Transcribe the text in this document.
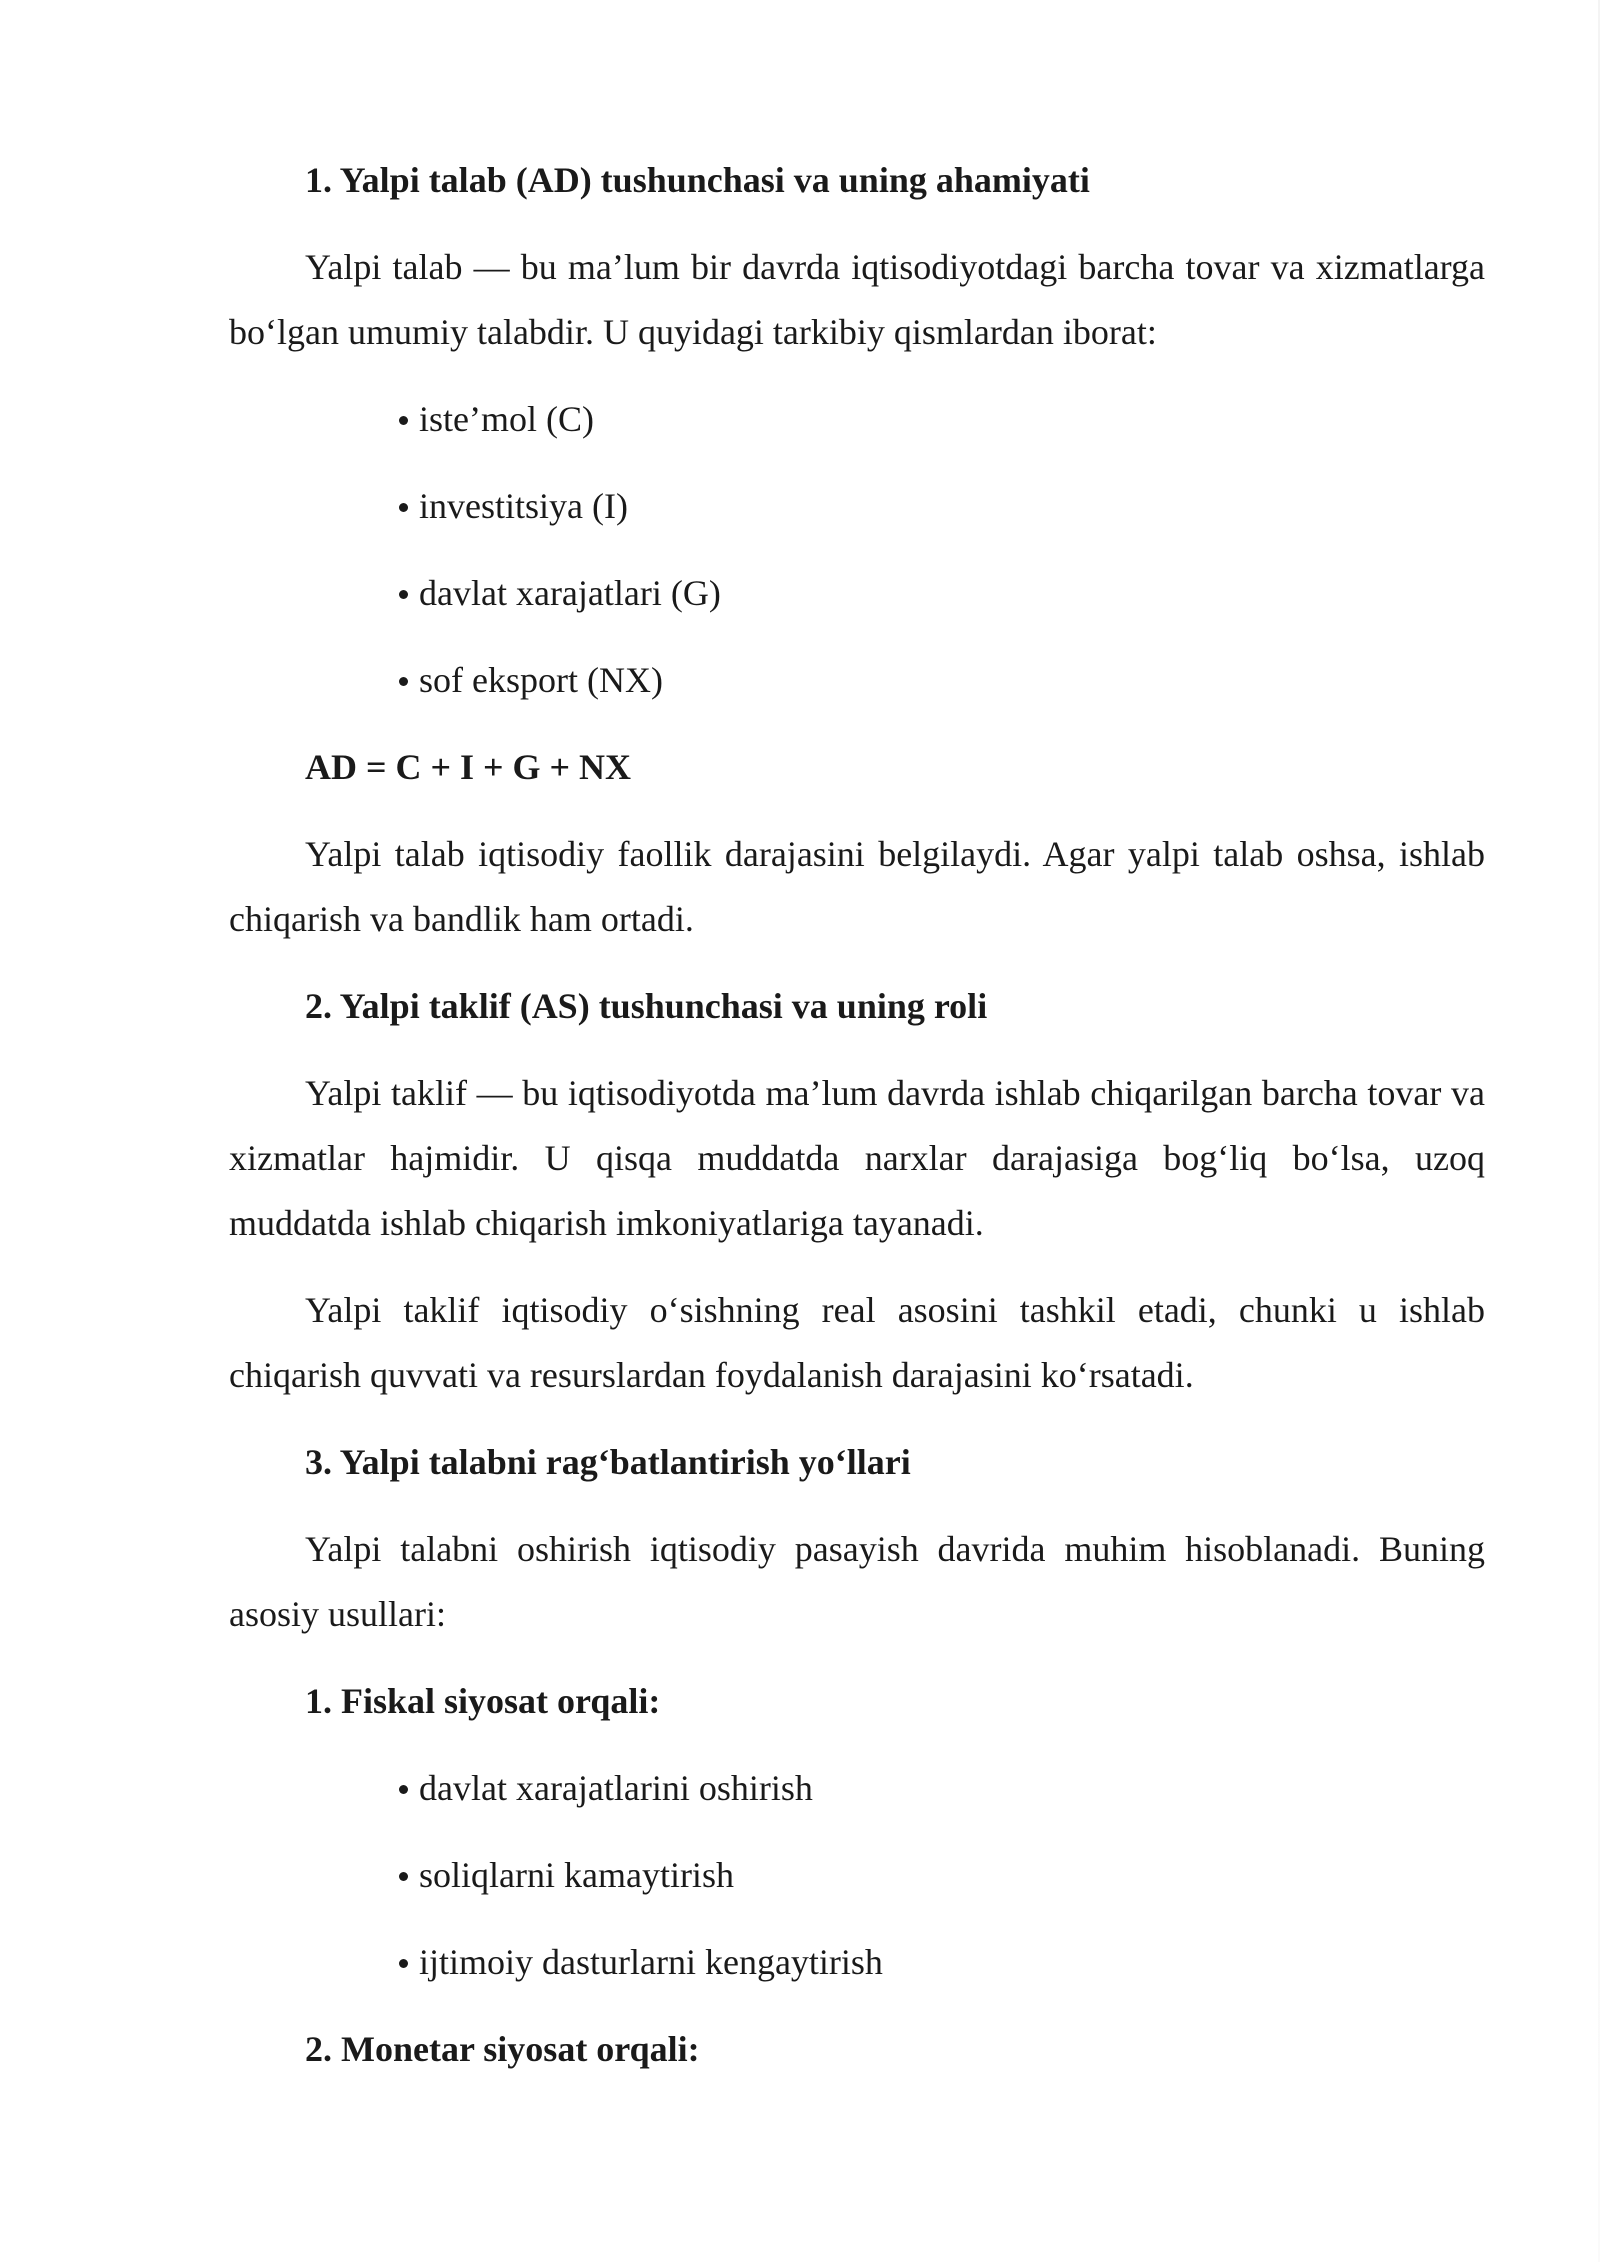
1. Yalpi talab (AD) tushunchasi va uning ahamiyati
Yalpi talab — bu ma’lum bir davrda iqtisodiyotdagi barcha tovar va xizmatlarga bo‘lgan umumiy talabdir. U quyidagi tarkibiy qismlardan iborat:
iste’mol (C)
investitsiya (I)
davlat xarajatlari (G)
sof eksport (NX)
AD = C + I + G + NX
Yalpi talab iqtisodiy faollik darajasini belgilaydi. Agar yalpi talab oshsa, ishlab chiqarish va bandlik ham ortadi.
2. Yalpi taklif (AS) tushunchasi va uning roli
Yalpi taklif — bu iqtisodiyotda ma’lum davrda ishlab chiqarilgan barcha tovar va xizmatlar hajmidir. U qisqa muddatda narxlar darajasiga bog‘liq bo‘lsa, uzoq muddatda ishlab chiqarish imkoniyatlariga tayanadi.
Yalpi taklif iqtisodiy o‘sishning real asosini tashkil etadi, chunki u ishlab chiqarish quvvati va resurslardan foydalanish darajasini ko‘rsatadi.
3. Yalpi talabni rag‘batlantirish yo‘llari
Yalpi talabni oshirish iqtisodiy pasayish davrida muhim hisoblanadi. Buning asosiy usullari:
1. Fiskal siyosat orqali:
davlat xarajatlarini oshirish
soliqlarni kamaytirish
ijtimoiy dasturlarni kengaytirish
2. Monetar siyosat orqali:
